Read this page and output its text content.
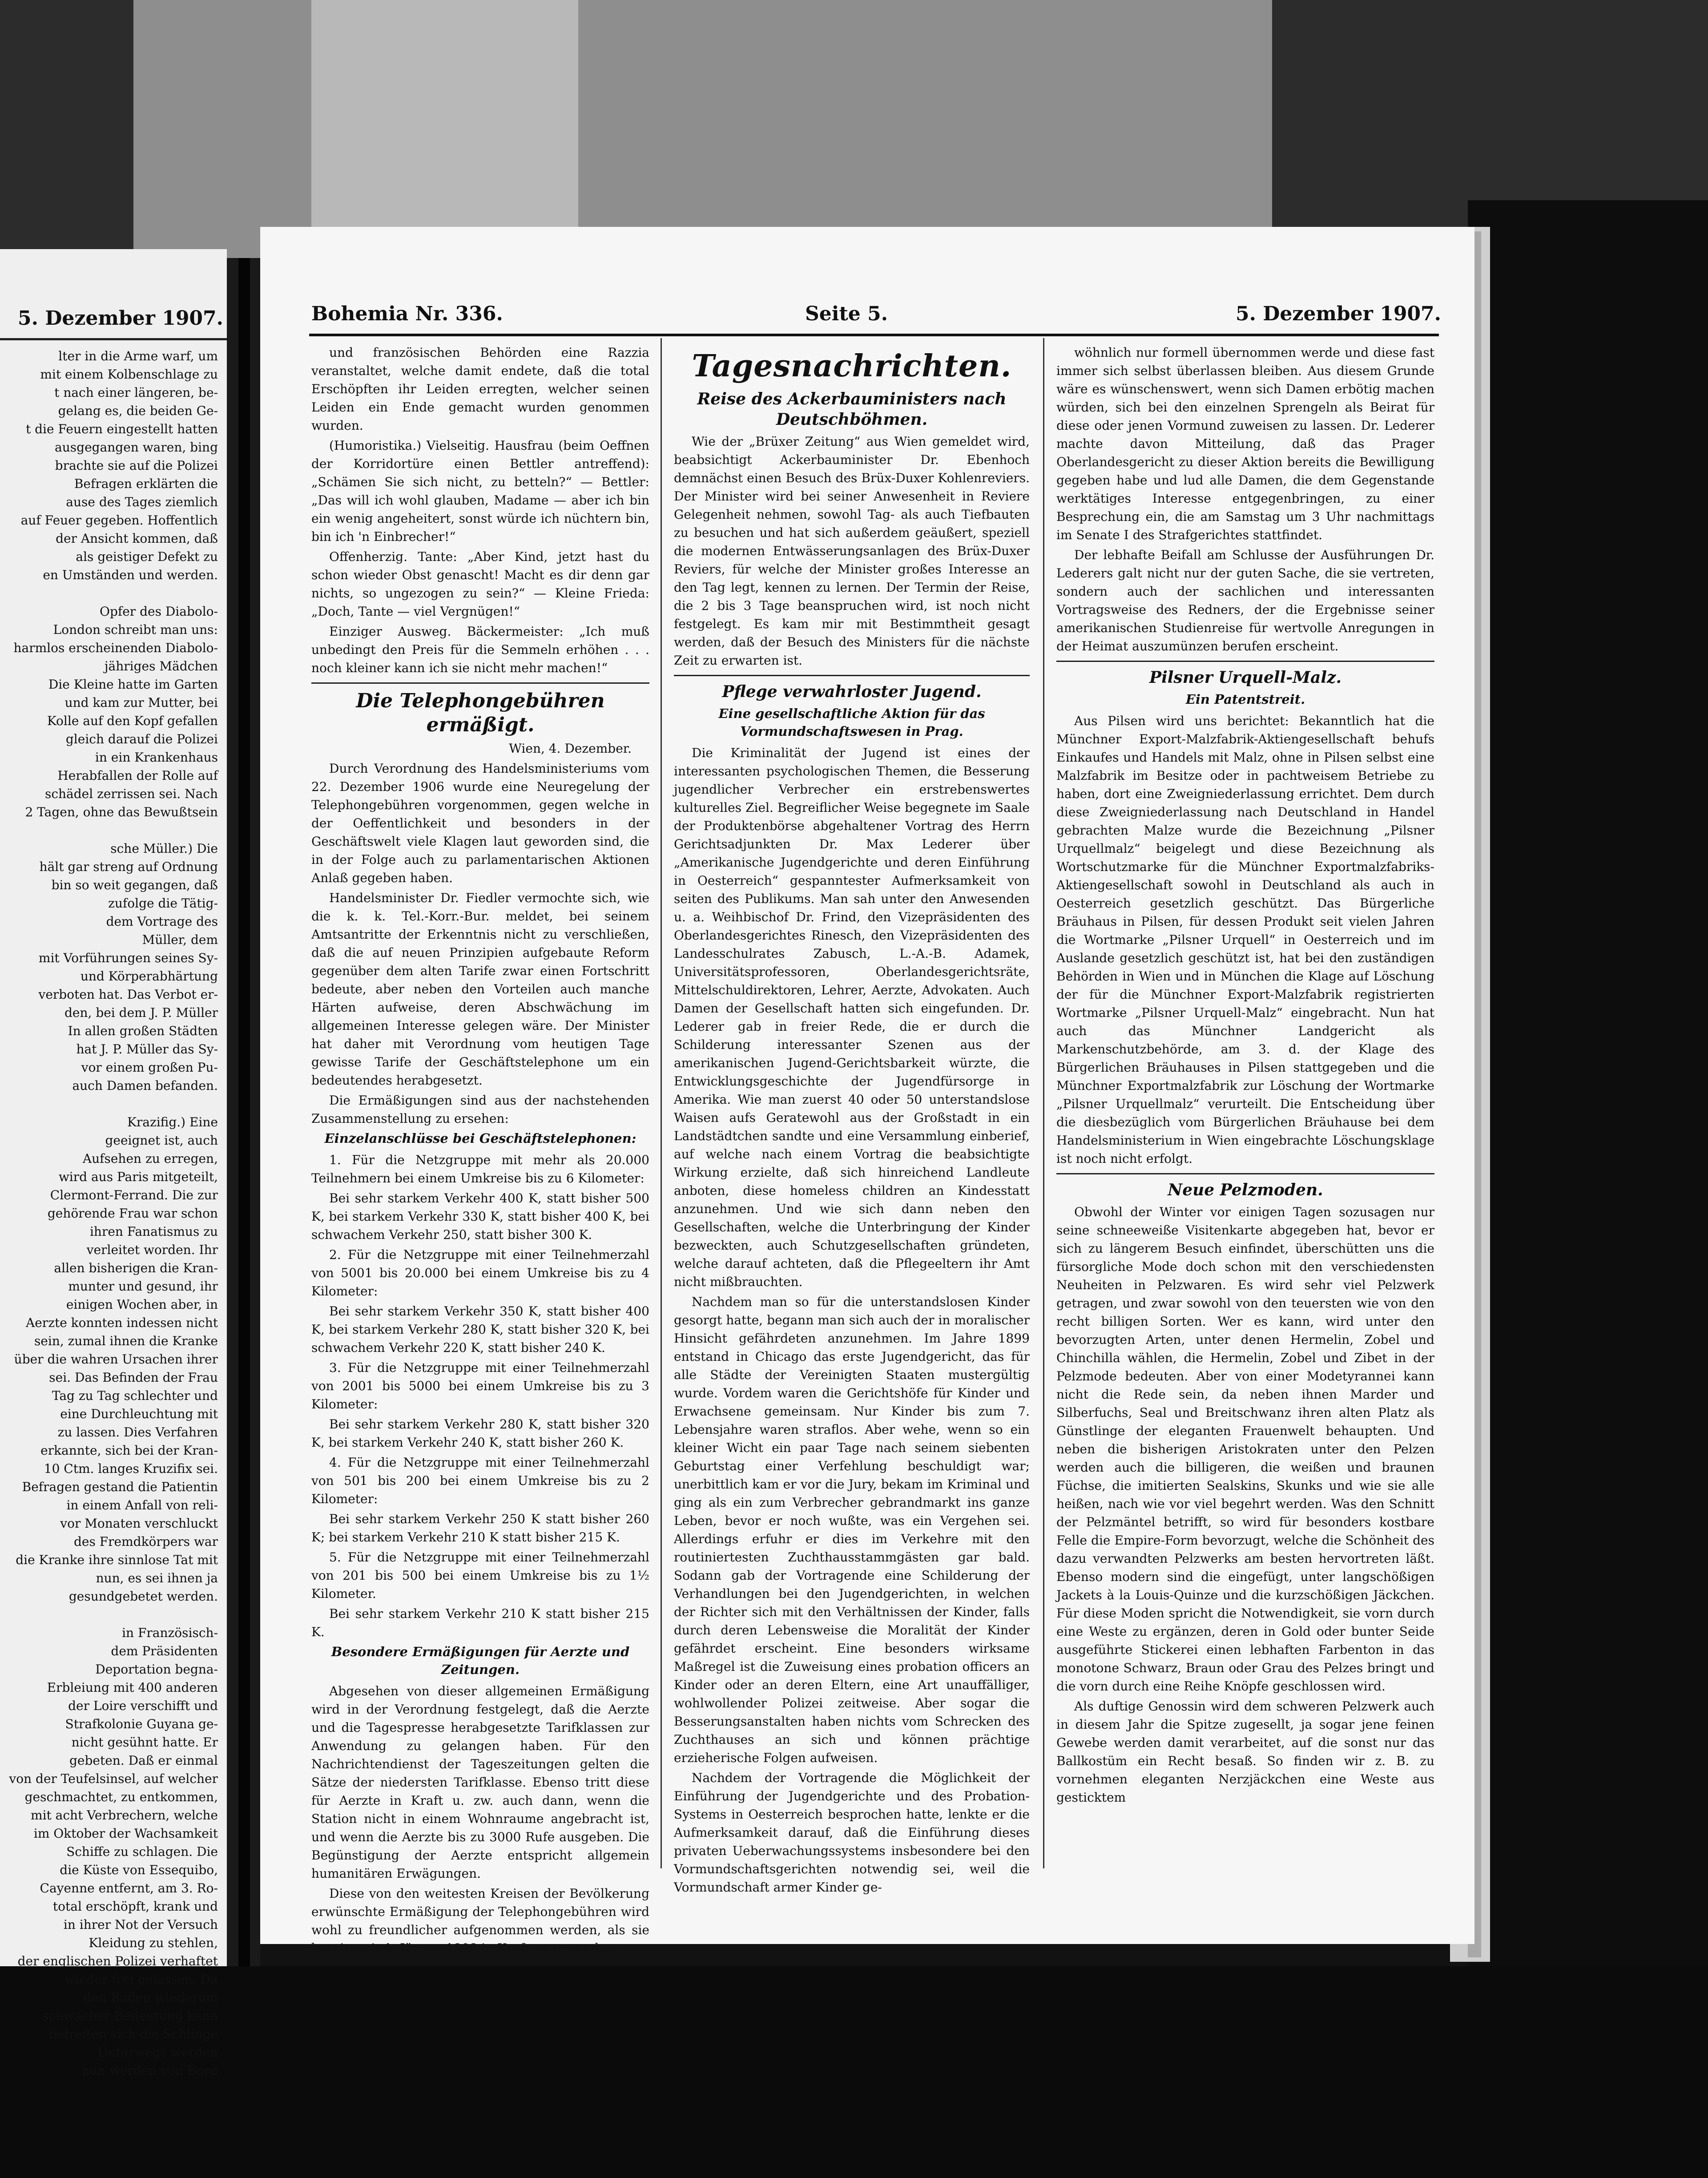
5. Dezember 1907.
lter in die Arme warf, um
mit einem Kolbenschlage zu
t nach einer längeren, be-
gelang es, die beiden Ge-
t die Feuern eingestellt hatten
ausgegangen waren, bing
brachte sie auf die Polizei
Befragen erklärten die
ause des Tages ziemlich
auf Feuer gegeben. Hoffentlich
der Ansicht kommen, daß
als geistiger Defekt zu
en Umständen und werden.
Opfer des Diabolo-
London schreibt man uns:
harmlos erscheinenden Diabolo-
jähriges Mädchen
Die Kleine hatte im Garten
und kam zur Mutter, bei
Kolle auf den Kopf gefallen
gleich darauf die Polizei
in ein Krankenhaus
Herabfallen der Rolle auf
schädel zerrissen sei. Nach
2 Tagen, ohne das Bewußtsein
sche Müller.) Die
hält gar streng auf Ordnung
bin so weit gegangen, daß
zufolge die Tätig-
dem Vortrage des
Müller, dem
mit Vorführungen seines Sy-
und Körperabhärtung
verboten hat. Das Verbot er-
den, bei dem J. P. Müller
In allen großen Städten
hat J. P. Müller das Sy-
vor einem großen Pu-
auch Damen befanden.
Krazifig.) Eine
geeignet ist, auch
Aufsehen zu erregen,
wird aus Paris mitgeteilt,
Clermont-Ferrand. Die zur
gehörende Frau war schon
ihren Fanatismus zu
verleitet worden. Ihr
allen bisherigen die Kran-
munter und gesund, ihr
einigen Wochen aber, in
Aerzte konnten indessen nicht
sein, zumal ihnen die Kranke
über die wahren Ursachen ihrer
sei. Das Befinden der Frau
Tag zu Tag schlechter und
eine Durchleuchtung mit
zu lassen. Dies Verfahren
erkannte, sich bei der Kran-
10 Ctm. langes Kruzifix sei.
Befragen gestand die Patientin
in einem Anfall von reli-
vor Monaten verschluckt
des Fremdkörpers war
die Kranke ihre sinnlose Tat mit
nun, es sei ihnen ja
gesundgebetet werden.
in Französisch-
dem Präsidenten
Deportation begna-
Erbleiung mit 400 anderen
der Loire verschifft und
Strafkolonie Guyana ge-
nicht gesühnt hatte. Er
gebeten. Daß er einmal
von der Teufelsinsel, auf welcher
geschmachtet, zu entkommen,
mit acht Verbrechern, welche
im Oktober der Wachsamkeit
Schiffe zu schlagen. Die
die Küste von Essequibo,
Cayenne entfernt, am 3. Ro-
total erschöpft, krank und
in ihrer Not der Versuch
Kleidung zu stehlen,
der englischen Polizei verhaftet
wieder frei gelassen. Da
den Boden wiederum
schwacher Bedeutung kann
befreiten sich die Schlinge
Unterwegs werden
nun werden von Bord
Bohemia Nr. 336.	Seite 5.	5. Dezember 1907.

und französischen Behörden eine Razzia veranstaltet, welche damit endete, daß die total Erschöpften ihr Leiden erregten, welcher seinen Leiden ein Ende gemacht wurden genommen wurden.

(Humoristika.) Vielseitig. Hausfrau (beim Oeffnen der Korridortüre einen Bettler antreffend): „Schämen Sie sich nicht, zu betteln?“ — Bettler: „Das will ich wohl glauben, Madame — aber ich bin ein wenig angeheitert, sonst würde ich nüchtern bin, bin ich 'n Einbrecher!“

Offenherzig. Tante: „Aber Kind, jetzt hast du schon wieder Obst genascht! Macht es dir denn gar nichts, so ungezogen zu sein?“ — Kleine Frieda: „Doch, Tante — viel Vergnügen!“

Einziger Ausweg. Bäckermeister: „Ich muß unbedingt den Preis für die Semmeln erhöhen . . . noch kleiner kann ich sie nicht mehr machen!“

Die Telephongebühren ermäßigt.

Wien, 4. Dezember.

Durch Verordnung des Handelsministeriums vom 22. Dezember 1906 wurde eine Neuregelung der Telephongebühren vorgenommen, gegen welche in der Oeffentlichkeit und besonders in der Geschäftswelt viele Klagen laut geworden sind, die in der Folge auch zu parlamentarischen Aktionen Anlaß gegeben haben.

Handelsminister Dr. Fiedler vermochte sich, wie die k. k. Tel.-Korr.-Bur. meldet, bei seinem Amtsantritte der Erkenntnis nicht zu verschließen, daß die auf neuen Prinzipien aufgebaute Reform gegenüber dem alten Tarife zwar einen Fortschritt bedeute, aber neben den Vorteilen auch manche Härten aufweise, deren Abschwächung im allgemeinen Interesse gelegen wäre. Der Minister hat daher mit Verordnung vom heutigen Tage gewisse Tarife der Geschäftstelephone um ein bedeutendes herabgesetzt.

Die Ermäßigungen sind aus der nachstehenden Zusammenstellung zu ersehen:

Einzelanschlüsse bei Geschäftstelephonen:

1. Für die Netzgruppe mit mehr als 20.000 Teilnehmern bei einem Umkreise bis zu 6 Kilometer:

Bei sehr starkem Verkehr 400 K, statt bisher 500 K, bei starkem Verkehr 330 K, statt bisher 400 K, bei schwachem Verkehr 250, statt bisher 300 K.

2. Für die Netzgruppe mit einer Teilnehmerzahl von 5001 bis 20.000 bei einem Umkreise bis zu 4 Kilometer:

Bei sehr starkem Verkehr 350 K, statt bisher 400 K, bei starkem Verkehr 280 K, statt bisher 320 K, bei schwachem Verkehr 220 K, statt bisher 240 K.

3. Für die Netzgruppe mit einer Teilnehmerzahl von 2001 bis 5000 bei einem Umkreise bis zu 3 Kilometer:

Bei sehr starkem Verkehr 280 K, statt bisher 320 K, bei starkem Verkehr 240 K, statt bisher 260 K.

4. Für die Netzgruppe mit einer Teilnehmerzahl von 501 bis 200 bei einem Umkreise bis zu 2 Kilometer:

Bei sehr starkem Verkehr 250 K statt bisher 260 K; bei starkem Verkehr 210 K statt bisher 215 K.

5. Für die Netzgruppe mit einer Teilnehmerzahl von 201 bis 500 bei einem Umkreise bis zu 1½ Kilometer.

Bei sehr starkem Verkehr 210 K statt bisher 215 K.

Besondere Ermäßigungen für Aerzte und Zeitungen.

Abgesehen von dieser allgemeinen Ermäßigung wird in der Verordnung festgelegt, daß die Aerzte und die Tagespresse herabgesetzte Tarifklassen zur Anwendung zu gelangen haben. Für den Nachrichtendienst der Tageszeitungen gelten die Sätze der niedersten Tarifklasse. Ebenso tritt diese für Aerzte in Kraft u. zw. auch dann, wenn die Station nicht in einem Wohnraume angebracht ist, und wenn die Aerzte bis zu 3000 Rufe ausgeben. Die Begünstigung der Aerzte entspricht allgemein humanitären Erwägungen.

Diese von den weitesten Kreisen der Bevölkerung erwünschte Ermäßigung der Telephongebühren wird wohl zu freundlicher aufgenommen werden, als sie bereits mit 1. Jänner 1908 in Kraft zu treten hat.

Tagesnachrichten.

Reise des Ackerbauministers nach Deutschböhmen.

Wie der „Brüxer Zeitung“ aus Wien gemeldet wird, beabsichtigt Ackerbauminister Dr. Ebenhoch demnächst einen Besuch des Brüx-Duxer Kohlenreviers. Der Minister wird bei seiner Anwesenheit in Reviere Gelegenheit nehmen, sowohl Tag- als auch Tiefbauten zu besuchen und hat sich außerdem geäußert, speziell die modernen Entwässerungsanlagen des Brüx-Duxer Reviers, für welche der Minister großes Interesse an den Tag legt, kennen zu lernen. Der Termin der Reise, die 2 bis 3 Tage beanspruchen wird, ist noch nicht festgelegt. Es kam mir mit Bestimmtheit gesagt werden, daß der Besuch des Ministers für die nächste Zeit zu erwarten ist.

Pflege verwahrloster Jugend.

Eine gesellschaftliche Aktion für das Vormundschaftswesen in Prag.

Die Kriminalität der Jugend ist eines der interessanten psychologischen Themen, die Besserung jugendlicher Verbrecher ein erstrebenswertes kulturelles Ziel. Begreiflicher Weise begegnete im Saale der Produktenbörse abgehaltener Vortrag des Herrn Gerichtsadjunkten Dr. Max Lederer über „Amerikanische Jugendgerichte und deren Einführung in Oesterreich“ gespanntester Aufmerksamkeit von seiten des Publikums. Man sah unter den Anwesenden u. a. Weihbischof Dr. Frind, den Vizepräsidenten des Oberlandesgerichtes Rinesch, den Vizepräsidenten des Landesschulrates Zabusch, L.-A.-B. Adamek, Universitätsprofessoren, Oberlandesgerichtsräte, Mittelschuldirektoren, Lehrer, Aerzte, Advokaten. Auch Damen der Gesellschaft hatten sich eingefunden. Dr. Lederer gab in freier Rede, die er durch die Schilderung interessanter Szenen aus der amerikanischen Jugend-Gerichtsbarkeit würzte, die Entwicklungsgeschichte der Jugendfürsorge in Amerika. Wie man zuerst 40 oder 50 unterstandslose Waisen aufs Geratewohl aus der Großstadt in ein Landstädtchen sandte und eine Versammlung einberief, auf welche nach einem Vortrag die beabsichtigte Wirkung erzielte, daß sich hinreichend Landleute anboten, diese homeless children an Kindesstatt anzunehmen. Und wie sich dann neben den Gesellschaften, welche die Unterbringung der Kinder bezweckten, auch Schutzgesellschaften gründeten, welche darauf achteten, daß die Pflegeeltern ihr Amt nicht mißbrauchten.

Nachdem man so für die unterstandslosen Kinder gesorgt hatte, begann man sich auch der in moralischer Hinsicht gefährdeten anzunehmen. Im Jahre 1899 entstand in Chicago das erste Jugendgericht, das für alle Städte der Vereinigten Staaten mustergültig wurde. Vordem waren die Gerichtshöfe für Kinder und Erwachsene gemeinsam. Nur Kinder bis zum 7. Lebensjahre waren straflos. Aber wehe, wenn so ein kleiner Wicht ein paar Tage nach seinem siebenten Geburtstag einer Verfehlung beschuldigt war; unerbittlich kam er vor die Jury, bekam im Kriminal und ging als ein zum Verbrecher gebrandmarkt ins ganze Leben, bevor er noch wußte, was ein Vergehen sei. Allerdings erfuhr er dies im Verkehre mit den routiniertesten Zuchthausstammgästen gar bald. Sodann gab der Vortragende eine Schilderung der Verhandlungen bei den Jugendgerichten, in welchen der Richter sich mit den Verhältnissen der Kinder, falls durch deren Lebensweise die Moralität der Kinder gefährdet erscheint. Eine besonders wirksame Maßregel ist die Zuweisung eines probation officers an Kinder oder an deren Eltern, eine Art unauffälliger, wohlwollender Polizei zeitweise. Aber sogar die Besserungsanstalten haben nichts vom Schrecken des Zuchthauses an sich und können prächtige erzieherische Folgen aufweisen.

Nachdem der Vortragende die Möglichkeit der Einführung der Jugendgerichte und des Probation-Systems in Oesterreich besprochen hatte, lenkte er die Aufmerksamkeit darauf, daß die Einführung dieses privaten Ueberwachungssystems insbesondere bei den Vormundschaftsgerichten notwendig sei, weil die Vormundschaft armer Kinder ge-

wöhnlich nur formell übernommen werde und diese fast immer sich selbst überlassen bleiben. Aus diesem Grunde wäre es wünschenswert, wenn sich Damen erbötig machen würden, sich bei den einzelnen Sprengeln als Beirat für diese oder jenen Vormund zuweisen zu lassen. Dr. Lederer machte davon Mitteilung, daß das Prager Oberlandesgericht zu dieser Aktion bereits die Bewilligung gegeben habe und lud alle Damen, die dem Gegenstande werktätiges Interesse entgegenbringen, zu einer Besprechung ein, die am Samstag um 3 Uhr nachmittags im Senate I des Strafgerichtes stattfindet.

Der lebhafte Beifall am Schlusse der Ausführungen Dr. Lederers galt nicht nur der guten Sache, die sie vertreten, sondern auch der sachlichen und interessanten Vortragsweise des Redners, der die Ergebnisse seiner amerikanischen Studienreise für wertvolle Anregungen in der Heimat auszumünzen berufen erscheint.

Pilsner Urquell-Malz.

Ein Patentstreit.

Aus Pilsen wird uns berichtet: Bekanntlich hat die Münchner Export-Malzfabrik-Aktiengesellschaft behufs Einkaufes und Handels mit Malz, ohne in Pilsen selbst eine Malzfabrik im Besitze oder in pachtweisem Betriebe zu haben, dort eine Zweigniederlassung errichtet. Dem durch diese Zweigniederlassung nach Deutschland in Handel gebrachten Malze wurde die Bezeichnung „Pilsner Urquellmalz“ beigelegt und diese Bezeichnung als Wortschutzmarke für die Münchner Exportmalzfabriks-Aktiengesellschaft sowohl in Deutschland als auch in Oesterreich gesetzlich geschützt. Das Bürgerliche Bräuhaus in Pilsen, für dessen Produkt seit vielen Jahren die Wortmarke „Pilsner Urquell“ in Oesterreich und im Auslande gesetzlich geschützt ist, hat bei den zuständigen Behörden in Wien und in München die Klage auf Löschung der für die Münchner Export-Malzfabrik registrierten Wortmarke „Pilsner Urquell-Malz“ eingebracht. Nun hat auch das Münchner Landgericht als Markenschutzbehörde, am 3. d. der Klage des Bürgerlichen Bräuhauses in Pilsen stattgegeben und die Münchner Exportmalzfabrik zur Löschung der Wortmarke „Pilsner Urquellmalz“ verurteilt. Die Entscheidung über die diesbezüglich vom Bürgerlichen Bräuhause bei dem Handelsministerium in Wien eingebrachte Löschungsklage ist noch nicht erfolgt.

Neue Pelzmoden.

Obwohl der Winter vor einigen Tagen sozusagen nur seine schneeweiße Visitenkarte abgegeben hat, bevor er sich zu längerem Besuch einfindet, überschütten uns die fürsorgliche Mode doch schon mit den verschiedensten Neuheiten in Pelzwaren. Es wird sehr viel Pelzwerk getragen, und zwar sowohl von den teuersten wie von den recht billigen Sorten. Wer es kann, wird unter den bevorzugten Arten, unter denen Hermelin, Zobel und Chinchilla wählen, die Hermelin, Zobel und Zibet in der Pelzmode bedeuten. Aber von einer Modetyrannei kann nicht die Rede sein, da neben ihnen Marder und Silberfuchs, Seal und Breitschwanz ihren alten Platz als Günstlinge der eleganten Frauenwelt behaupten. Und neben die bisherigen Aristokraten unter den Pelzen werden auch die billigeren, die weißen und braunen Füchse, die imitierten Sealskins, Skunks und wie sie alle heißen, nach wie vor viel begehrt werden. Was den Schnitt der Pelzmäntel betrifft, so wird für besonders kostbare Felle die Empire-Form bevorzugt, welche die Schönheit des dazu verwandten Pelzwerks am besten hervortreten läßt. Ebenso modern sind die eingefügt, unter langschößigen Jackets à la Louis-Quinze und die kurzschößigen Jäckchen. Für diese Moden spricht die Notwendigkeit, sie vorn durch eine Weste zu ergänzen, deren in Gold oder bunter Seide ausgeführte Stickerei einen lebhaften Farbenton in das monotone Schwarz, Braun oder Grau des Pelzes bringt und die vorn durch eine Reihe Knöpfe geschlossen wird.

Als duftige Genossin wird dem schweren Pelzwerk auch in diesem Jahr die Spitze zugesellt, ja sogar jene feinen Gewebe werden damit verarbeitet, auf die sonst nur das Ballkostüm ein Recht besaß. So finden wir z. B. zu vornehmen eleganten Nerzjäckchen eine Weste aus gesticktem
